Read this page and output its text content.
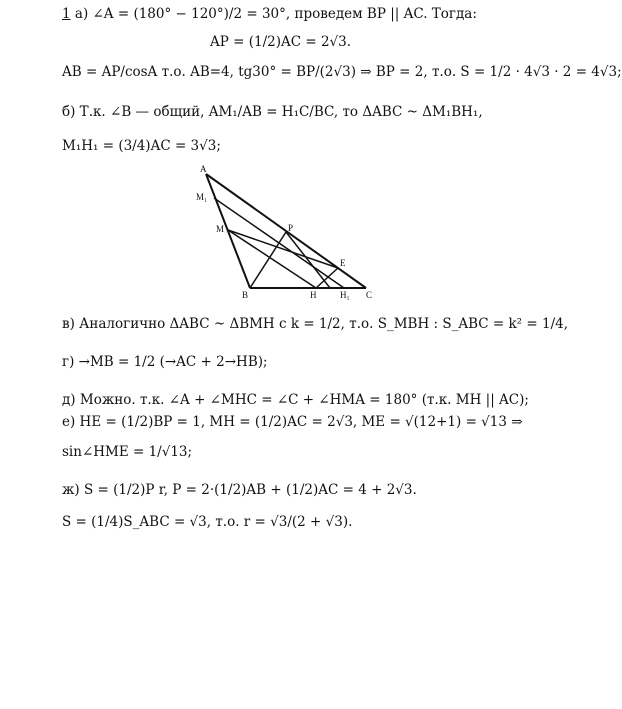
1 а) ∠A = (180° − 120°)/2 = 30°, проведем BP || AC. Тогда:
AP = (1/2)AC = 2√3.
AB = AP/cosA т.о. AB=4, tg30° = BP/(2√3) ⇒ BP = 2, т.о. S = 1/2 · 4√3 · 2 = 4√3;
б) Т.к. ∠B — общий, AM₁/AB = H₁C/BC, то ΔABC ~ ΔM₁BH₁,
M₁H₁ = (3/4)AC = 3√3;
в) Аналогично ΔABC ~ ΔBMH с k = 1/2, т.о. S_MBH : S_ABC = k² = 1/4,
г) →MB = 1/2 (→AC + 2→HB);
д) Можно. т.к. ∠A + ∠MHC = ∠C + ∠HMA = 180° (т.к. MH || AC);
е) HE = (1/2)BP = 1, MH = (1/2)AC = 2√3, ME = √(12+1) = √13 ⇒
sin∠HME = 1/√13;
ж) S = (1/2)P r, P = 2·(1/2)AB + (1/2)AC = 4 + 2√3.
S = (1/4)S_ABC = √3, т.о. r = √3/(2 + √3).
A
M₁
M	P
E
B	H	H₁ C
